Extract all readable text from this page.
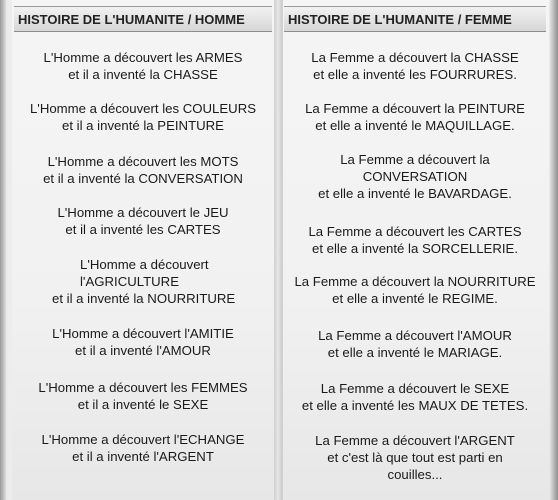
HISTOIRE DE L'HUMANITE / HOMME	HISTOIRE DE L'HUMANITE / FEMME
L'Homme a découvert les ARMES
et il a inventé la CHASSE
L'Homme a découvert les COULEURS
et il a inventé la PEINTURE
L'Homme a découvert les MOTS
et il a inventé la CONVERSATION
L'Homme a découvert le JEU
et il a inventé les CARTES
L'Homme a découvert
l'AGRICULTURE
et il a inventé la NOURRITURE
L'Homme a découvert l'AMITIE
et il a inventé l'AMOUR
L'Homme a découvert les FEMMES
et il a inventé le SEXE
L'Homme a découvert l'ECHANGE
et il a inventé l'ARGENT
La Femme a découvert la CHASSE
et elle a inventé les FOURRURES.
La Femme a découvert la PEINTURE
et elle a inventé le MAQUILLAGE.
La Femme a découvert la
CONVERSATION
et elle a inventé le BAVARDAGE.
La Femme a découvert les CARTES
et elle a inventé la SORCELLERIE.
La Femme a découvert la NOURRITURE
et elle a inventé le REGIME.
La Femme a découvert l'AMOUR
et elle a inventé le MARIAGE.
La Femme a découvert le SEXE
et elle a inventé les MAUX DE TETES.
La Femme a découvert l'ARGENT
et c'est là que tout est parti en
couilles...
